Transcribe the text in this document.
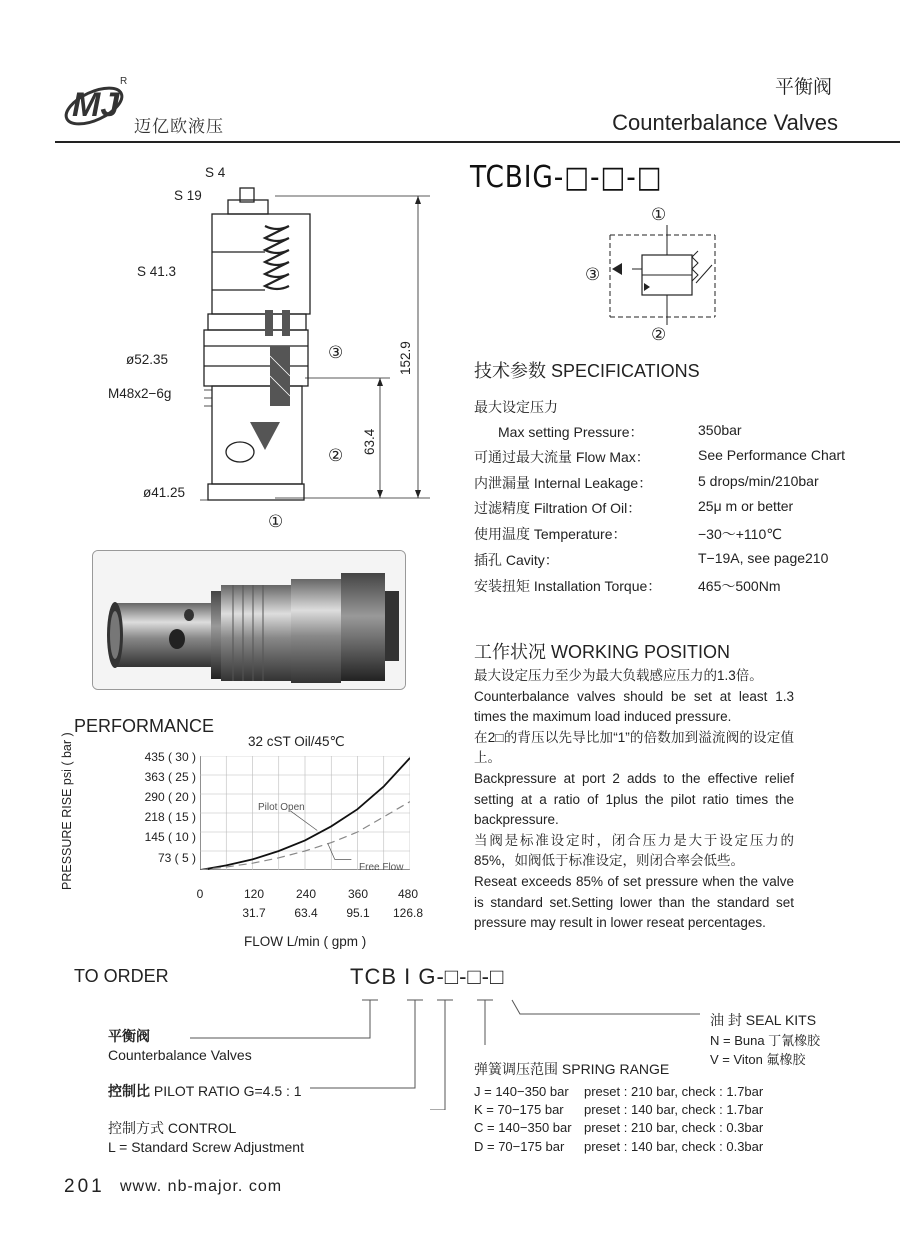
MJ
R
迈亿欧液压
平衡阀
Counterbalance Valves
S 4
S 19
S 41.3
ø52.35
M48x2−6g
ø41.25
152.9
63.4
③
②
①
TCBIG-□-□-□
①
③
②
技术参数 SPECIFICATIONS
最大设定压力
Max setting Pressure：	350bar
可通过最大流量 Flow Max：	See Performance Chart
内泄漏量 Internal Leakage：	5 drops/min/210bar
过滤精度 Filtration Of Oil：	25μ m or better
使用温度 Temperature：	−30～+110℃
插孔 Cavity：	T−19A, see page210
安装扭矩 Installation Torque：	465～500Nm
工作状况 WORKING POSITION

最大设定压力至少为最大负载感应压力的1.3倍。

Counterbalance valves should be set at least 1.3 times the maximum load induced pressure.

在2□的背压以先导比加“1”的倍数加到溢流阀的设定值上。

Backpressure at port 2 adds to the effective relief setting at a ratio of 1plus the pilot ratio times the backpressure.

当阀是标准设定时，闭合压力是大于设定压力的85%，如阀低于标准设定，则闭合率会低些。

Reseat exceeds 85% of set pressure when the valve is standard set.Setting lower than the standard set pressure may result in lower reseat percentages.

PERFORMANCE
32 cST Oil/45℃
PRESSURE RISE psi ( bar )	435 ( 30 )
363 ( 25 )
290 ( 20 )
218 ( 15 )
145 ( 10 )
73 ( 5 )
0	120	240	360	480
31.7	63.4	95.1	126.8
FLOW L/min ( gpm )
Pilot Open
Free Flow
TO ORDER	TCB I G-□-□-□
平衡阀
Counterbalance Valves
控制比 PILOT RATIO G=4.5 : 1
控制方式 CONTROL
L = Standard Screw Adjustment
油 封 SEAL KITS
N = Buna 丁氰橡胶
V = Viton 氟橡胶
弹簧调压范围 SPRING RANGE
J = 140−350 bar preset : 210 bar, check : 1.7bar
K = 70−175 bar preset : 140 bar, check : 1.7bar
C = 140−350 bar preset : 210 bar, check : 0.3bar
D = 70−175 bar preset : 140 bar, check : 0.3bar
201 www. nb-major. com
